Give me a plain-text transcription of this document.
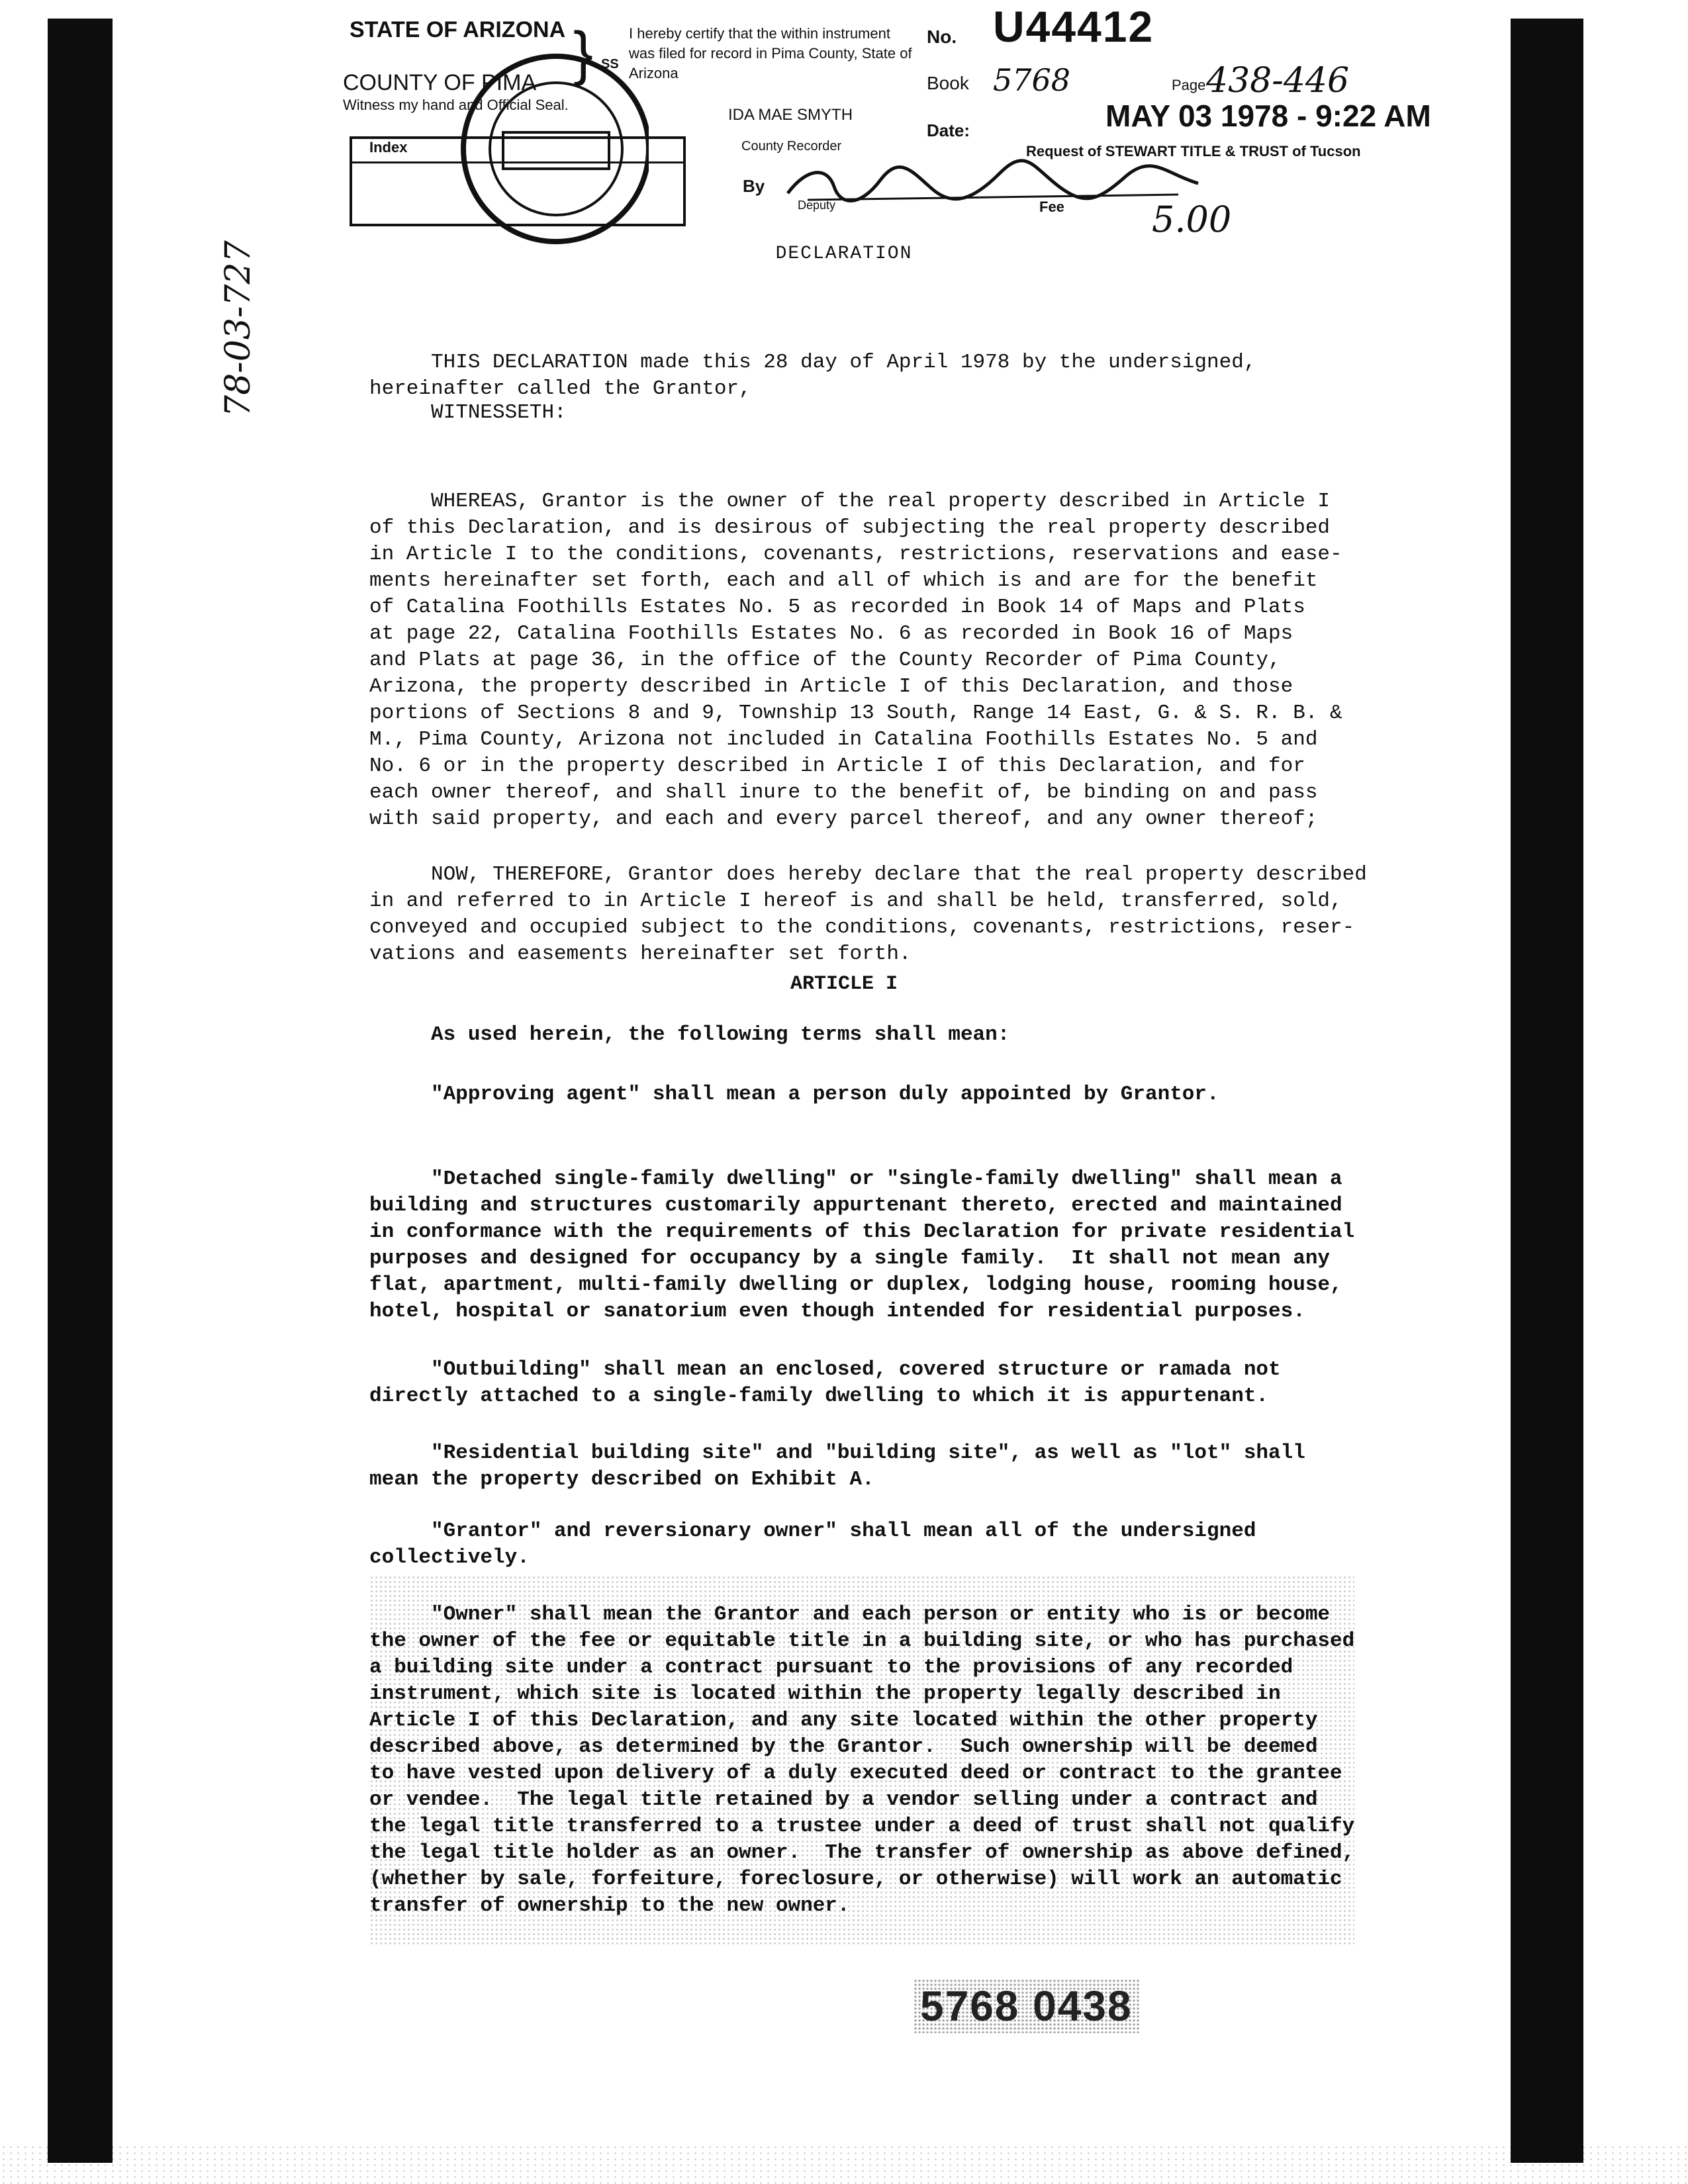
STATE OF ARIZONA
COUNTY OF PIMA
Witness my hand and Official Seal.
} SS
I hereby certify that the within instrument was filed for record in Pima County, State of Arizona
IDA MAE SMYTH
County Recorder
Deputy
No. U44412
Book 5768	Page 438-446
Date:	MAY 03 1978 - 9:22 AM
Request of STEWART TITLE & TRUST of Tucson
By
Fee 5.00
Index
78-03-727	DECLARATION

THIS DECLARATION made this 28 day of April 1978 by the undersigned,
hereinafter called the Grantor,

WITNESSETH:

WHEREAS, Grantor is the owner of the real property described in Article I
of this Declaration, and is desirous of subjecting the real property described
in Article I to the conditions, covenants, restrictions, reservations and ease-
ments hereinafter set forth, each and all of which is and are for the benefit
of Catalina Foothills Estates No. 5 as recorded in Book 14 of Maps and Plats
at page 22, Catalina Foothills Estates No. 6 as recorded in Book 16 of Maps
and Plats at page 36, in the office of the County Recorder of Pima County,
Arizona, the property described in Article I of this Declaration, and those
portions of Sections 8 and 9, Township 13 South, Range 14 East, G. & S. R. B. &
M., Pima County, Arizona not included in Catalina Foothills Estates No. 5 and
No. 6 or in the property described in Article I of this Declaration, and for
each owner thereof, and shall inure to the benefit of, be binding on and pass
with said property, and each and every parcel thereof, and any owner thereof;

NOW, THEREFORE, Grantor does hereby declare that the real property described
in and referred to in Article I hereof is and shall be held, transferred, sold,
conveyed and occupied subject to the conditions, covenants, restrictions, reser-
vations and easements hereinafter set forth.

ARTICLE I
As used herein, the following terms shall mean:
"Approving agent" shall mean a person duly appointed by Grantor.

"Detached single-family dwelling" or "single-family dwelling" shall mean a
building and structures customarily appurtenant thereto, erected and maintained
in conformance with the requirements of this Declaration for private residential
purposes and designed for occupancy by a single family.  It shall not mean any
flat, apartment, multi-family dwelling or duplex, lodging house, rooming house,
hotel, hospital or sanatorium even though intended for residential purposes.

"Outbuilding" shall mean an enclosed, covered structure or ramada not
directly attached to a single-family dwelling to which it is appurtenant.

"Residential building site" and "building site", as well as "lot" shall
mean the property described on Exhibit A.

"Grantor" and reversionary owner" shall mean all of the undersigned
collectively.

"Owner" shall mean the Grantor and each person or entity who is or become
the owner of the fee or equitable title in a building site, or who has purchased
a building site under a contract pursuant to the provisions of any recorded
instrument, which site is located within the property legally described in
Article I of this Declaration, and any site located within the other property
described above, as determined by the Grantor.  Such ownership will be deemed
to have vested upon delivery of a duly executed deed or contract to the grantee
or vendee.  The legal title retained by a vendor selling under a contract and
the legal title transferred to a trustee under a deed of trust shall not qualify
the legal title holder as an owner.  The transfer of ownership as above defined,
(whether by sale, forfeiture, foreclosure, or otherwise) will work an automatic
transfer of ownership to the new owner.

5768 0438
